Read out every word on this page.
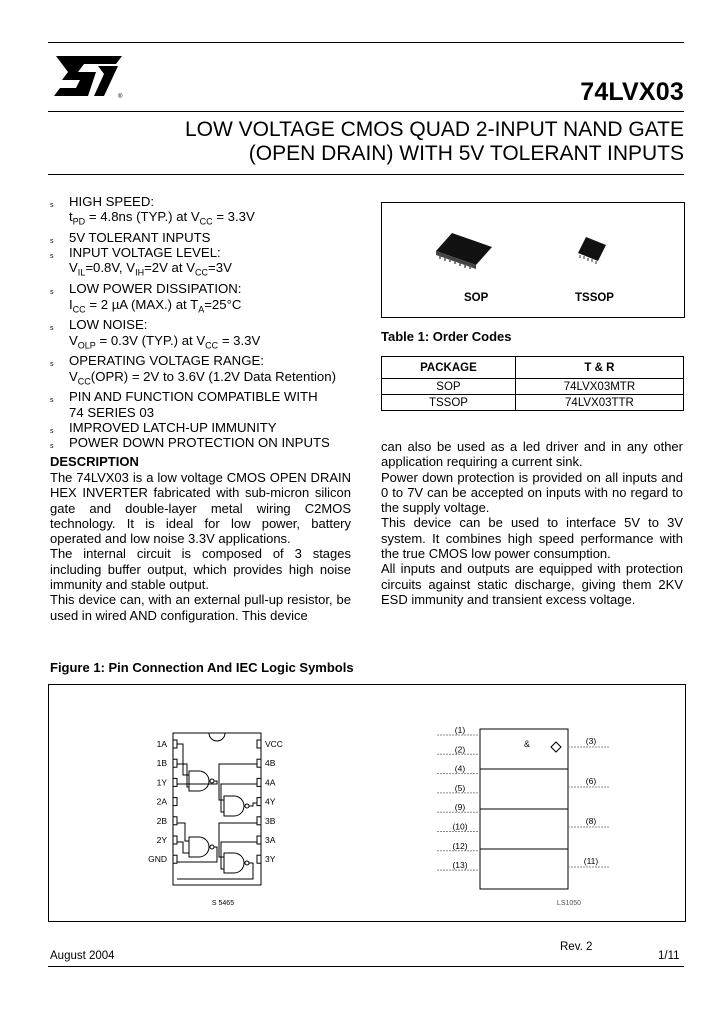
®	74LVX03
LOW VOLTAGE CMOS QUAD 2-INPUT NAND GATE
(OPEN DRAIN) WITH 5V TOLERANT INPUTS
s HIGH SPEED:
$t_{PD} = 4.8ns$ (TYP.) at $V_{CC} = 3.3V$
s 5V TOLERANT INPUTS
s INPUT VOLTAGE LEVEL:
$V_{IL}=0.8V$, $V_{IH}=2V$ at $V_{CC}=3V$
s LOW POWER DISSIPATION:
$I_{CC} = 2$ µA (MAX.) at $T_A=25^\circ C$
s LOW NOISE:
$V_{OLP} = 0.3V$ (TYP.) at $V_{CC} = 3.3V$
s OPERATING VOLTAGE RANGE:
$V_{CC}(OPR) = 2V$ to 3.6V (1.2V Data Retention)
s PIN AND FUNCTION COMPATIBLE WITH
74 SERIES 03
s IMPROVED LATCH-UP IMMUNITY
s POWER DOWN PROTECTION ON INPUTS
SOP	TSSOP
Table 1: Order Codes
PACKAGE	T & R
SOP	74LVX03MTR
TSSOP	74LVX03TTR
DESCRIPTION
The 74LVX03 is a low voltage CMOS OPEN DRAIN HEX INVERTER fabricated with sub-micron silicon gate and double-layer metal wiring C2MOS technology. It is ideal for low power, battery operated and low noise 3.3V applications.
The internal circuit is composed of 3 stages including buffer output, which provides high noise immunity and stable output.
This device can, with an external pull-up resistor, be used in wired AND configuration. This device
can also be used as a led driver and in any other application requiring a current sink.
Power down protection is provided on all inputs and 0 to 7V can be accepted on inputs with no regard to the supply voltage.
This device can be used to interface 5V to 3V system. It combines high speed performance with the true CMOS low power consumption.
All inputs and outputs are equipped with protection circuits against static discharge, giving them 2KV ESD immunity and transient excess voltage.
Figure 1: Pin Connection And IEC Logic Symbols
1A
1B
1Y
2A
2B
2Y
GND
VCC
4B
4A
4Y
3B
3A
3Y
S 5465
&
(1)
(2)
(4)
(5)
(9)
(10)
(12)
(13)
(3)
(6)
(8)
(11)
LS1050
August 2004
Rev. 2
1/11
